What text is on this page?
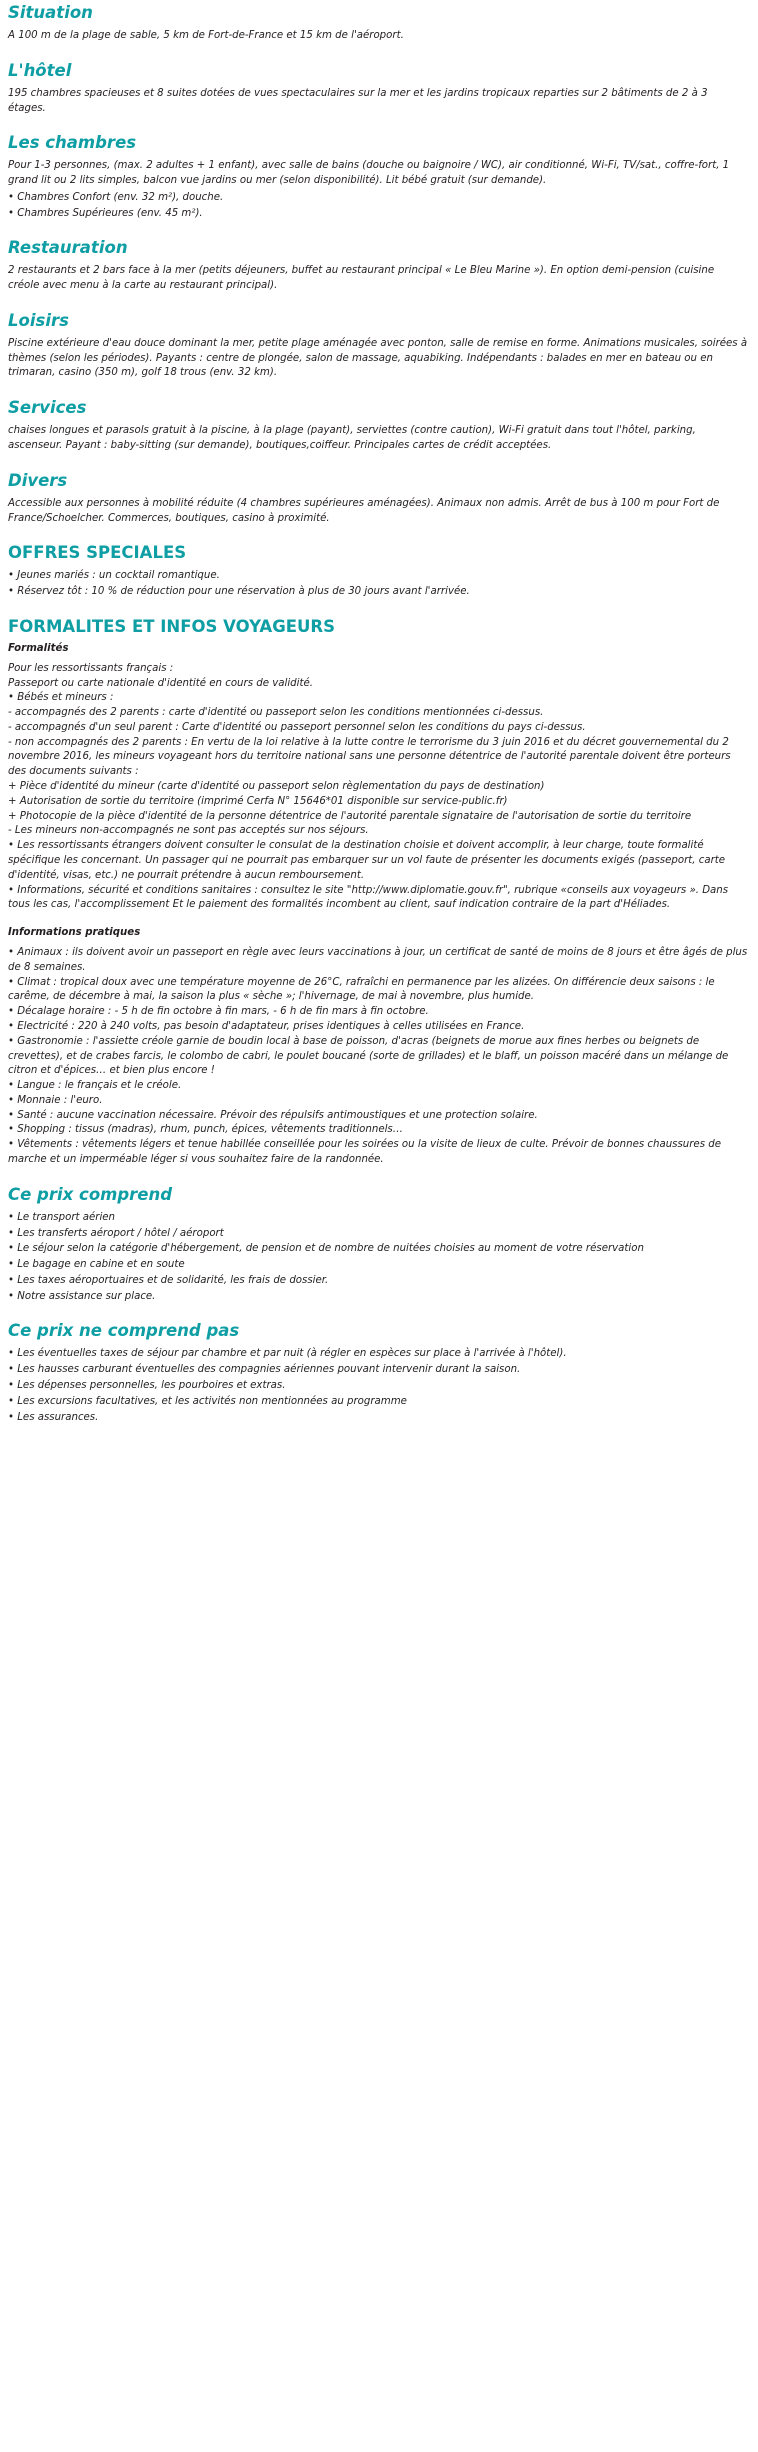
Situation

A 100 m de la plage de sable, 5 km de Fort-de-France et 15 km de l'aéroport.

L'hôtel

195 chambres spacieuses et 8 suites dotées de vues spectaculaires sur la mer et les jardins tropicaux reparties sur 2 bâtiments de 2 à 3 étages.

Les chambres

Pour 1-3 personnes, (max. 2 adultes + 1 enfant), avec salle de bains (douche ou baignoire / WC), air conditionné, Wi-Fi, TV/sat., coffre-fort, 1 grand lit ou 2 lits simples, balcon vue jardins ou mer (selon disponibilité). Lit bébé gratuit (sur demande).

• Chambres Confort (env. 32 m²), douche.
• Chambres Supérieures (env. 45 m²).
Restauration

2 restaurants et 2 bars face à la mer (petits déjeuners, buffet au restaurant principal « Le Bleu Marine »). En option demi-pension (cuisine créole avec menu à la carte au restaurant principal).

Loisirs

Piscine extérieure d'eau douce dominant la mer, petite plage aménagée avec ponton, salle de remise en forme. Animations musicales, soirées à thèmes (selon les périodes). Payants : centre de plongée, salon de massage, aquabiking. Indépendants : balades en mer en bateau ou en trimaran, casino (350 m), golf 18 trous (env. 32 km).

Services

chaises longues et parasols gratuit à la piscine, à la plage (payant), serviettes (contre caution), Wi-Fi gratuit dans tout l'hôtel, parking, ascenseur. Payant : baby-sitting (sur demande), boutiques,coiffeur. Principales cartes de crédit acceptées.

Divers

Accessible aux personnes à mobilité réduite (4 chambres supérieures aménagées). Animaux non admis. Arrêt de bus à 100 m pour Fort de France/Schoelcher. Commerces, boutiques, casino à proximité.

OFFRES SPECIALES
• Jeunes mariés : un cocktail romantique.
• Réservez tôt : 10 % de réduction pour une réservation à plus de 30 jours avant l'arrivée.
FORMALITES ET INFOS VOYAGEURS
Formalités

Pour les ressortissants français :

Passeport ou carte nationale d'identité en cours de validité.

• Bébés et mineurs :

- accompagnés des 2 parents : carte d'identité ou passeport selon les conditions mentionnées ci-dessus.

- accompagnés d'un seul parent : Carte d'identité ou passeport personnel selon les conditions du pays ci-dessus.

- non accompagnés des 2 parents : En vertu de la loi relative à la lutte contre le terrorisme du 3 juin 2016 et du décret gouvernemental du 2 novembre 2016, les mineurs voyageant hors du territoire national sans une personne détentrice de l'autorité parentale doivent être porteurs des documents suivants :

+ Pièce d'identité du mineur (carte d'identité ou passeport selon règlementation du pays de destination)

+ Autorisation de sortie du territoire (imprimé Cerfa N° 15646*01 disponible sur service-public.fr)

+ Photocopie de la pièce d'identité de la personne détentrice de l'autorité parentale signataire de l'autorisation de sortie du territoire

- Les mineurs non-accompagnés ne sont pas acceptés sur nos séjours.

• Les ressortissants étrangers doivent consulter le consulat de la destination choisie et doivent accomplir, à leur charge, toute formalité spécifique les concernant. Un passager qui ne pourrait pas embarquer sur un vol faute de présenter les documents exigés (passeport, carte d'identité, visas, etc.) ne pourrait prétendre à aucun remboursement.

• Informations, sécurité et conditions sanitaires : consultez le site "http://www.diplomatie.gouv.fr", rubrique «conseils aux voyageurs ». Dans tous les cas, l'accomplissement Et le paiement des formalités incombent au client, sauf indication contraire de la part d'Héliades.

Informations pratiques

• Animaux : ils doivent avoir un passeport en règle avec leurs vaccinations à jour, un certificat de santé de moins de 8 jours et être âgés de plus de 8 semaines.

• Climat : tropical doux avec une température moyenne de 26°C, rafraîchi en permanence par les alizées. On différencie deux saisons : le carême, de décembre à mai, la saison la plus « sèche »; l'hivernage, de mai à novembre, plus humide.

• Décalage horaire : - 5 h de fin octobre à fin mars, - 6 h de fin mars à fin octobre.

• Electricité : 220 à 240 volts, pas besoin d'adaptateur, prises identiques à celles utilisées en France.

• Gastronomie : l'assiette créole garnie de boudin local à base de poisson, d'acras (beignets de morue aux fines herbes ou beignets de crevettes), et de crabes farcis, le colombo de cabri, le poulet boucané (sorte de grillades) et le blaff, un poisson macéré dans un mélange de citron et d'épices… et bien plus encore !

• Langue : le français et le créole.

• Monnaie : l'euro.

• Santé : aucune vaccination nécessaire. Prévoir des répulsifs antimoustiques et une protection solaire.

• Shopping : tissus (madras), rhum, punch, épices, vêtements traditionnels…

• Vêtements : vêtements légers et tenue habillée conseillée pour les soirées ou la visite de lieux de culte. Prévoir de bonnes chaussures de marche et un imperméable léger si vous souhaitez faire de la randonnée.

Ce prix comprend
• Le transport aérien
• Les transferts aéroport / hôtel / aéroport
• Le séjour selon la catégorie d'hébergement, de pension et de nombre de nuitées choisies au moment de votre réservation
• Le bagage en cabine et en soute
• Les taxes aéroportuaires et de solidarité, les frais de dossier.
• Notre assistance sur place.
Ce prix ne comprend pas
• Les éventuelles taxes de séjour par chambre et par nuit (à régler en espèces sur place à l'arrivée à l'hôtel).
• Les hausses carburant éventuelles des compagnies aériennes pouvant intervenir durant la saison.
• Les dépenses personnelles, les pourboires et extras.
• Les excursions facultatives, et les activités non mentionnées au programme
• Les assurances.
